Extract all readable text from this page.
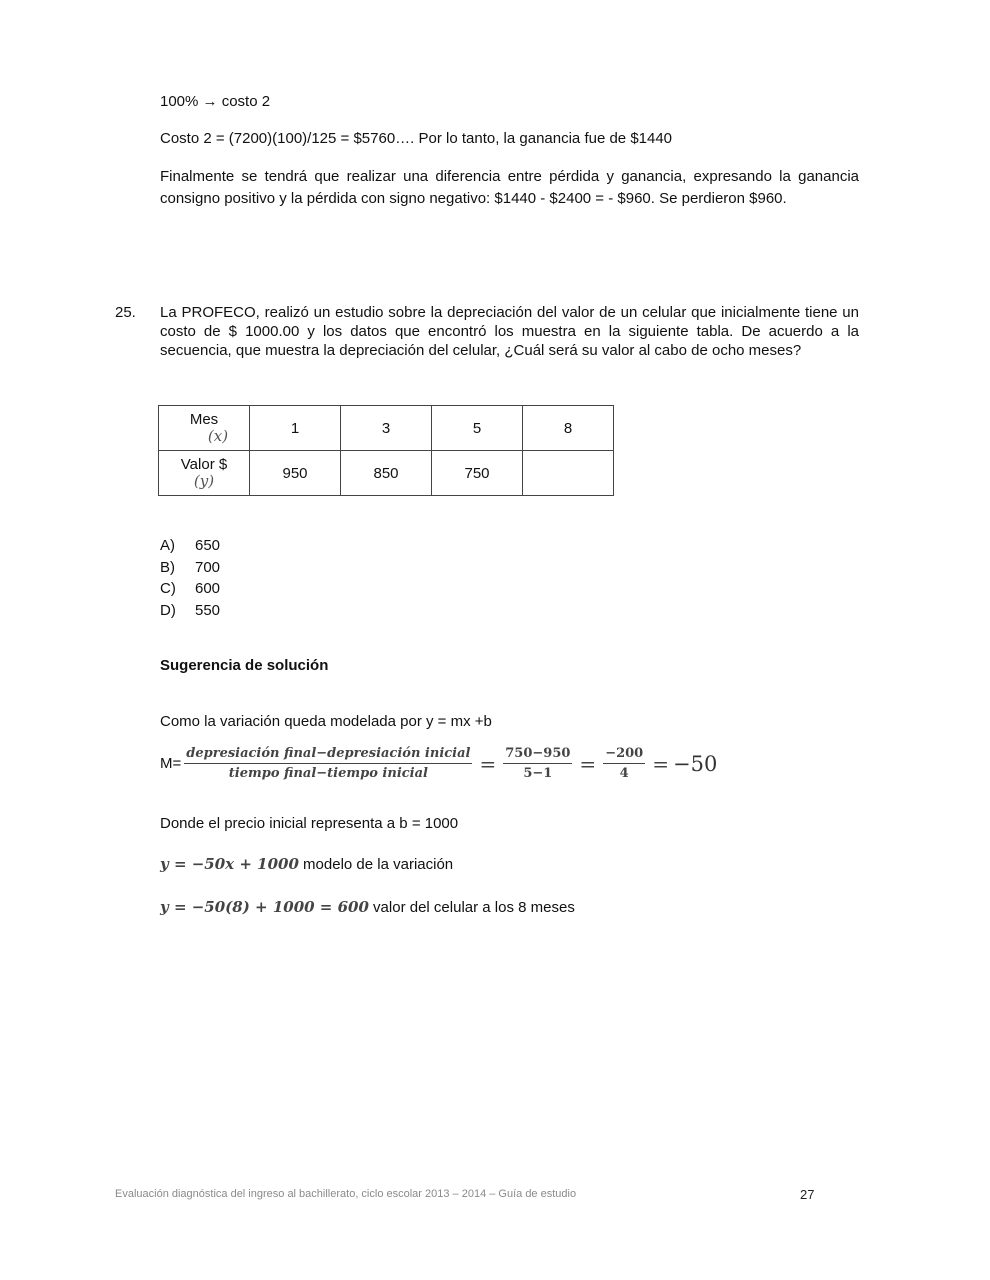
100% → costo 2
Costo 2 = (7200)(100)/125 = $5760…. Por lo tanto, la ganancia fue de $1440
Finalmente se tendrá que realizar una diferencia entre pérdida y ganancia, expresando la ganancia consigno positivo y la pérdida con signo negativo: $1440 - $2400 = - $960. Se perdieron $960.
25. La PROFECO, realizó un estudio sobre la depreciación del valor de un celular que inicialmente tiene un costo de $ 1000.00 y los datos que encontró los muestra en la siguiente tabla. De acuerdo a la secuencia, que muestra la depreciación del celular, ¿Cuál será su valor al cabo de ocho meses?
Mes
(x)	1	3	5	8

Valor $
(y)	950	850	750	
A) 650
B) 700
C) 600
D) 550
Sugerencia de solución
Como la variación queda modelada por y = mx +b
$M= \frac{\text{depresiación final−depresiación inicial}}{\text{tiempo final−tiempo inicial}} = \frac{750-950}{5-1} = \frac{-200}{4} = -50$
Donde el precio inicial representa a b = 1000
y = −50x + 1000 modelo de la variación
y = −50(8) + 1000 = 600 valor del celular a los 8 meses
Evaluación diagnóstica del ingreso al bachillerato, ciclo escolar 2013 – 2014 – Guía de estudio	27
